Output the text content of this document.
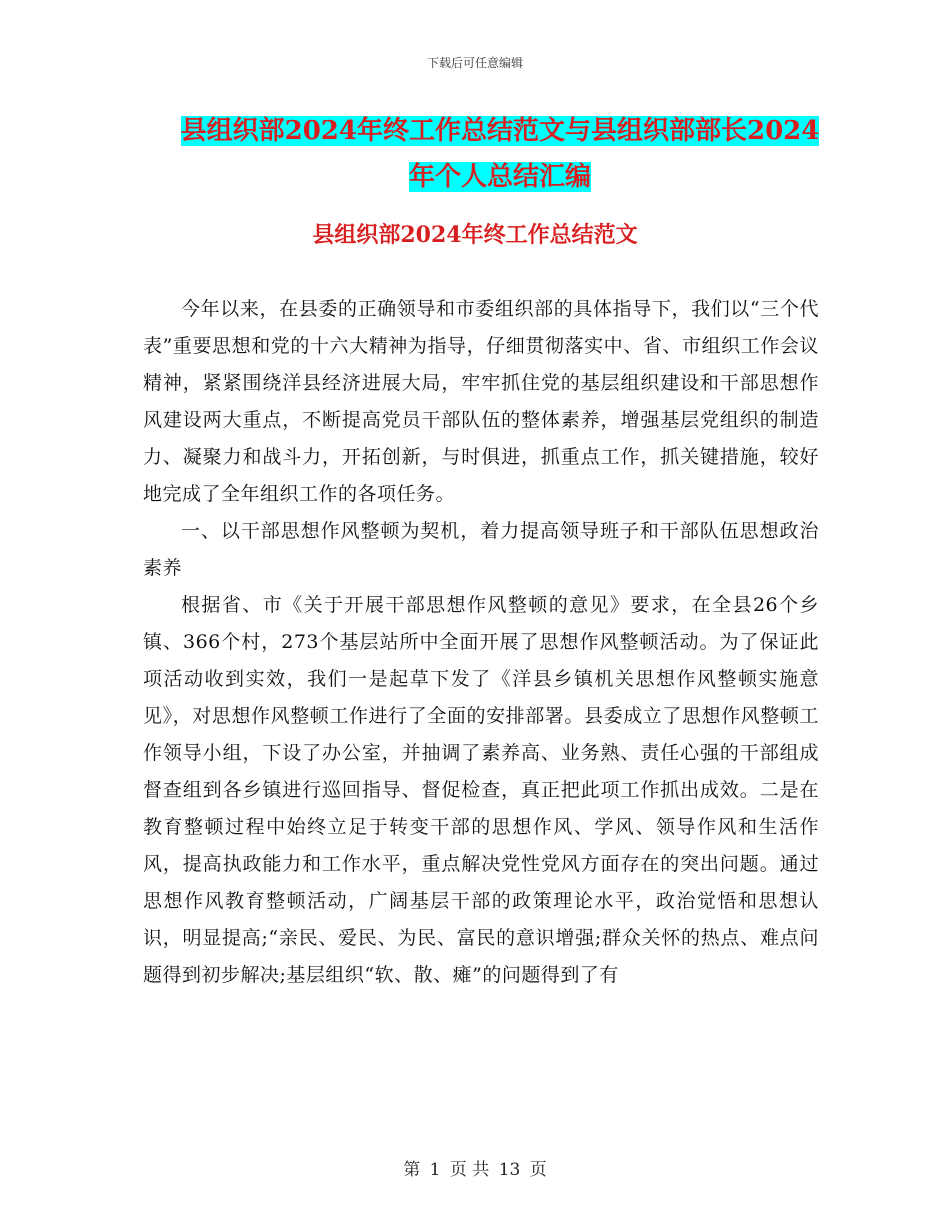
下载后可任意编辑
县组织部2024年终工作总结范文与县组织部部长2024
年个人总结汇编
县组织部2024年终工作总结范文

今年以来，在县委的正确领导和市委组织部的具体指导下，我们以“三个代表”重要思想和党的十六大精神为指导，仔细贯彻落实中、省、市组织工作会议精神，紧紧围绕洋县经济进展大局，牢牢抓住党的基层组织建设和干部思想作风建设两大重点，不断提高党员干部队伍的整体素养，增强基层党组织的制造力、凝聚力和战斗力，开拓创新，与时俱进，抓重点工作，抓关键措施，较好地完成了全年组织工作的各项任务。

一、以干部思想作风整顿为契机，着力提高领导班子和干部队伍思想政治素养

根据省、市《关于开展干部思想作风整顿的意见》要求，在全县26个乡镇、366个村，273个基层站所中全面开展了思想作风整顿活动。为了保证此项活动收到实效，我们一是起草下发了《洋县乡镇机关思想作风整顿实施意见》，对思想作风整顿工作进行了全面的安排部署。县委成立了思想作风整顿工作领导小组，下设了办公室，并抽调了素养高、业务熟、责任心强的干部组成督查组到各乡镇进行巡回指导、督促检查，真正把此项工作抓出成效。二是在教育整顿过程中始终立足于转变干部的思想作风、学风、领导作风和生活作风，提高执政能力和工作水平，重点解决党性党风方面存在的突出问题。通过思想作风教育整顿活动，广阔基层干部的政策理论水平，政治觉悟和思想认识，明显提高;“亲民、爱民、为民、富民的意识增强;群众关怀的热点、难点问题得到初步解决;基层组织“软、散、瘫”的问题得到了有

第 1 页 共 13 页
